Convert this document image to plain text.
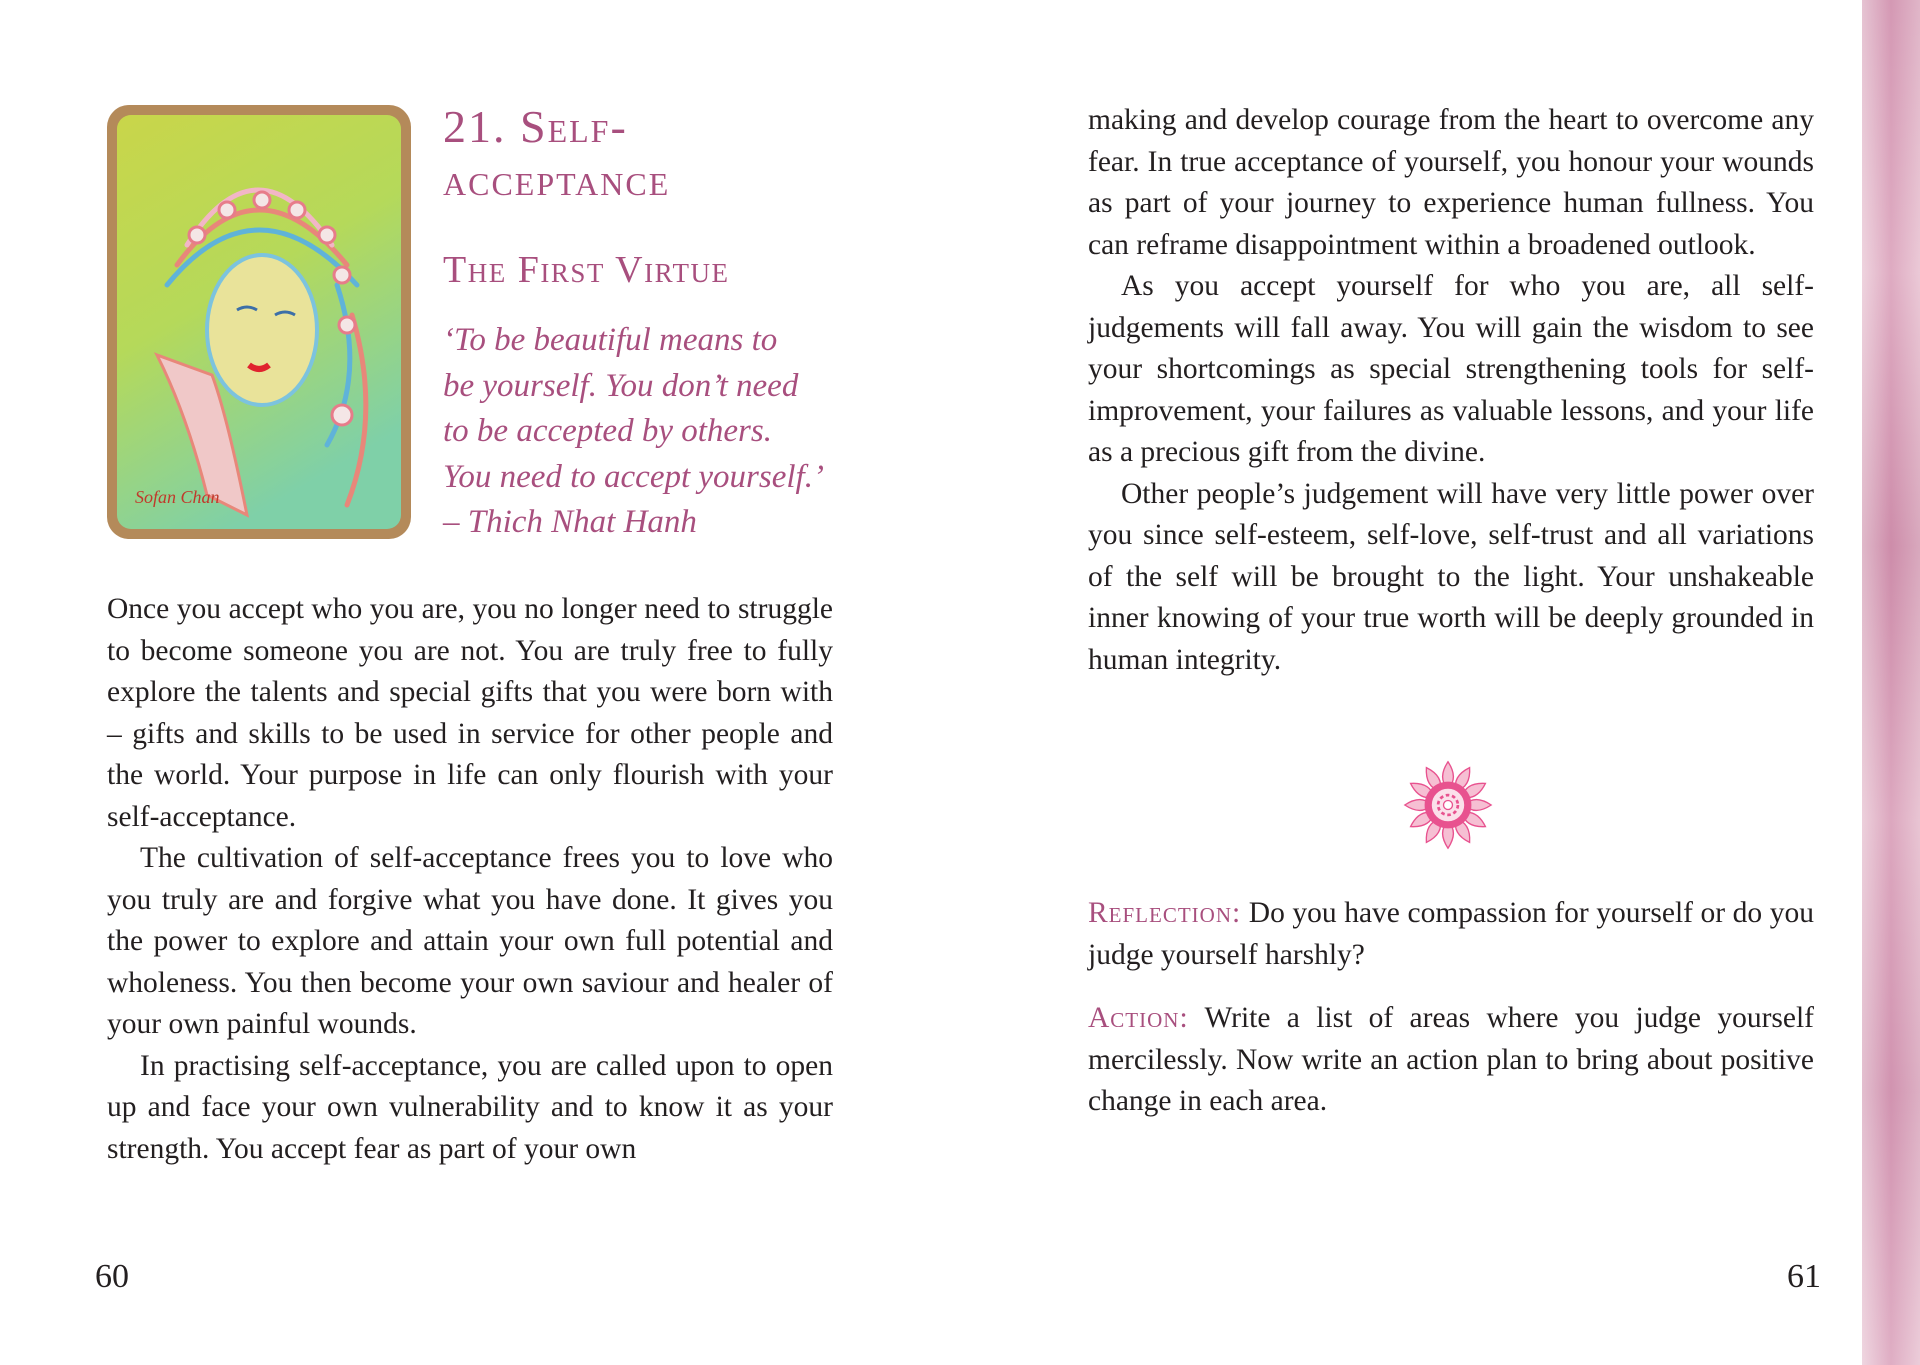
Sofan Chan
21. Self-
acceptance
The First Virtue
‘To be beautiful means to
be yourself. You don’t need
to be accepted by others.
You need to accept yourself.’
– Thich Nhat Hanh

Once you accept who you are, you no longer need to struggle to become someone you are not. You are truly free to fully explore the talents and special gifts that you were born with – gifts and skills to be used in service for other people and the world. Your purpose in life can only flourish with your self-acceptance.

The cultivation of self-acceptance frees you to love who you truly are and forgive what you have done. It gives you the power to explore and attain your own full potential and wholeness. You then become your own saviour and healer of your own painful wounds.

In practising self-acceptance, you are called upon to open up and face your own vulnerability and to know it as your strength. You accept fear as part of your own

making and develop courage from the heart to overcome any fear. In true acceptance of yourself, you honour your wounds as part of your journey to experience human fullness. You can reframe disappointment within a broadened outlook.

As you accept yourself for who you are, all self-judgements will fall away. You will gain the wisdom to see your shortcomings as special strengthening tools for self-improvement, your failures as valuable lessons, and your life as a precious gift from the divine.

Other people’s judgement will have very little power over you since self-esteem, self-love, self-trust and all variations of the self will be brought to the light. Your unshakeable inner knowing of your true worth will be deeply grounded in human integrity.

Reflection: Do you have compassion for yourself or do you judge yourself harshly?

Action: Write a list of areas where you judge yourself mercilessly. Now write an action plan to bring about positive change in each area.

60	61
